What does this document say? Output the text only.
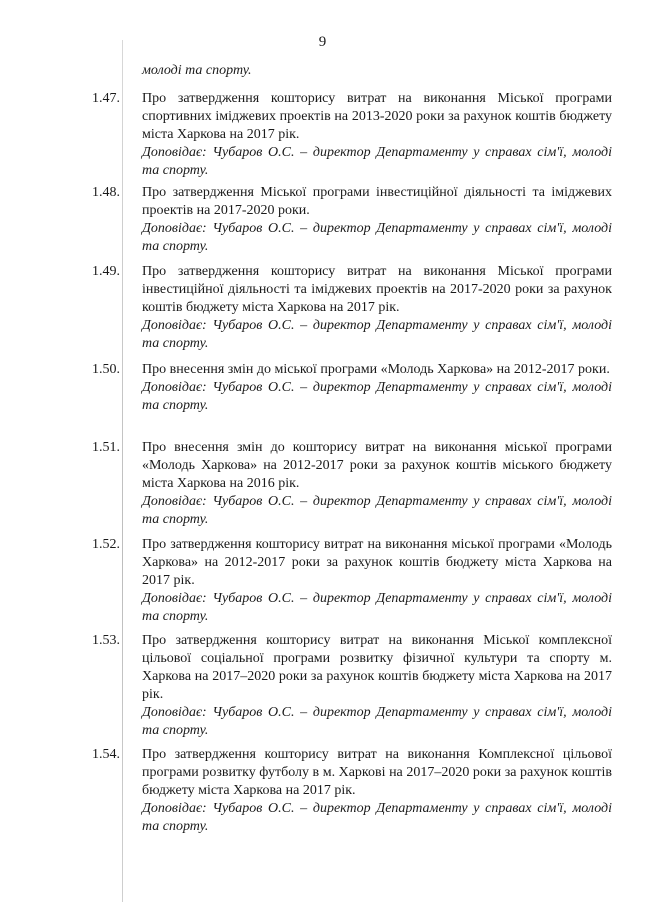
9
молоді та спорту.
1.47.	Про затвердження кошторису витрат на виконання Міської програми спортивних іміджевих проектів на 2013-2020 роки за рахунок коштів бюджету міста Харкова на 2017 рік.
Доповідає: Чубаров О.С. – директор Департаменту у справах сім'ї, молоді та спорту.
1.48.	Про затвердження Міської програми інвестиційної діяльності та іміджевих проектів на 2017-2020 роки.
Доповідає: Чубаров О.С. – директор Департаменту у справах сім'ї, молоді та спорту.
1.49.	Про затвердження кошторису витрат на виконання Міської програми інвестиційної діяльності та іміджевих проектів на 2017-2020 роки за рахунок коштів бюджету міста Харкова на 2017 рік.
Доповідає: Чубаров О.С. – директор Департаменту у справах сім'ї, молоді та спорту.
1.50.	Про внесення змін до міської програми «Молодь Харкова» на 2012-2017 роки.
Доповідає: Чубаров О.С. – директор Департаменту у справах сім'ї, молоді та спорту.
1.51.	Про внесення змін до кошторису витрат на виконання міської програми «Молодь Харкова» на 2012-2017 роки за рахунок коштів міського бюджету міста Харкова на 2016 рік.
Доповідає: Чубаров О.С. – директор Департаменту у справах сім'ї, молоді та спорту.
1.52.	Про затвердження кошторису витрат на виконання міської програми «Молодь Харкова» на 2012-2017 роки за рахунок коштів бюджету міста Харкова на 2017 рік.
Доповідає: Чубаров О.С. – директор Департаменту у справах сім'ї, молоді та спорту.
1.53.	Про затвердження кошторису витрат на виконання Міської комплексної цільової соціальної програми розвитку фізичної культури та спорту м. Харкова на 2017–2020 роки за рахунок коштів бюджету міста Харкова на 2017 рік.
Доповідає: Чубаров О.С. – директор Департаменту у справах сім'ї, молоді та спорту.
1.54.	Про затвердження кошторису витрат на виконання Комплексної цільової програми розвитку футболу в м. Харкові на 2017–2020 роки за рахунок коштів бюджету міста Харкова на 2017 рік.
Доповідає: Чубаров О.С. – директор Департаменту у справах сім'ї, молоді та спорту.
